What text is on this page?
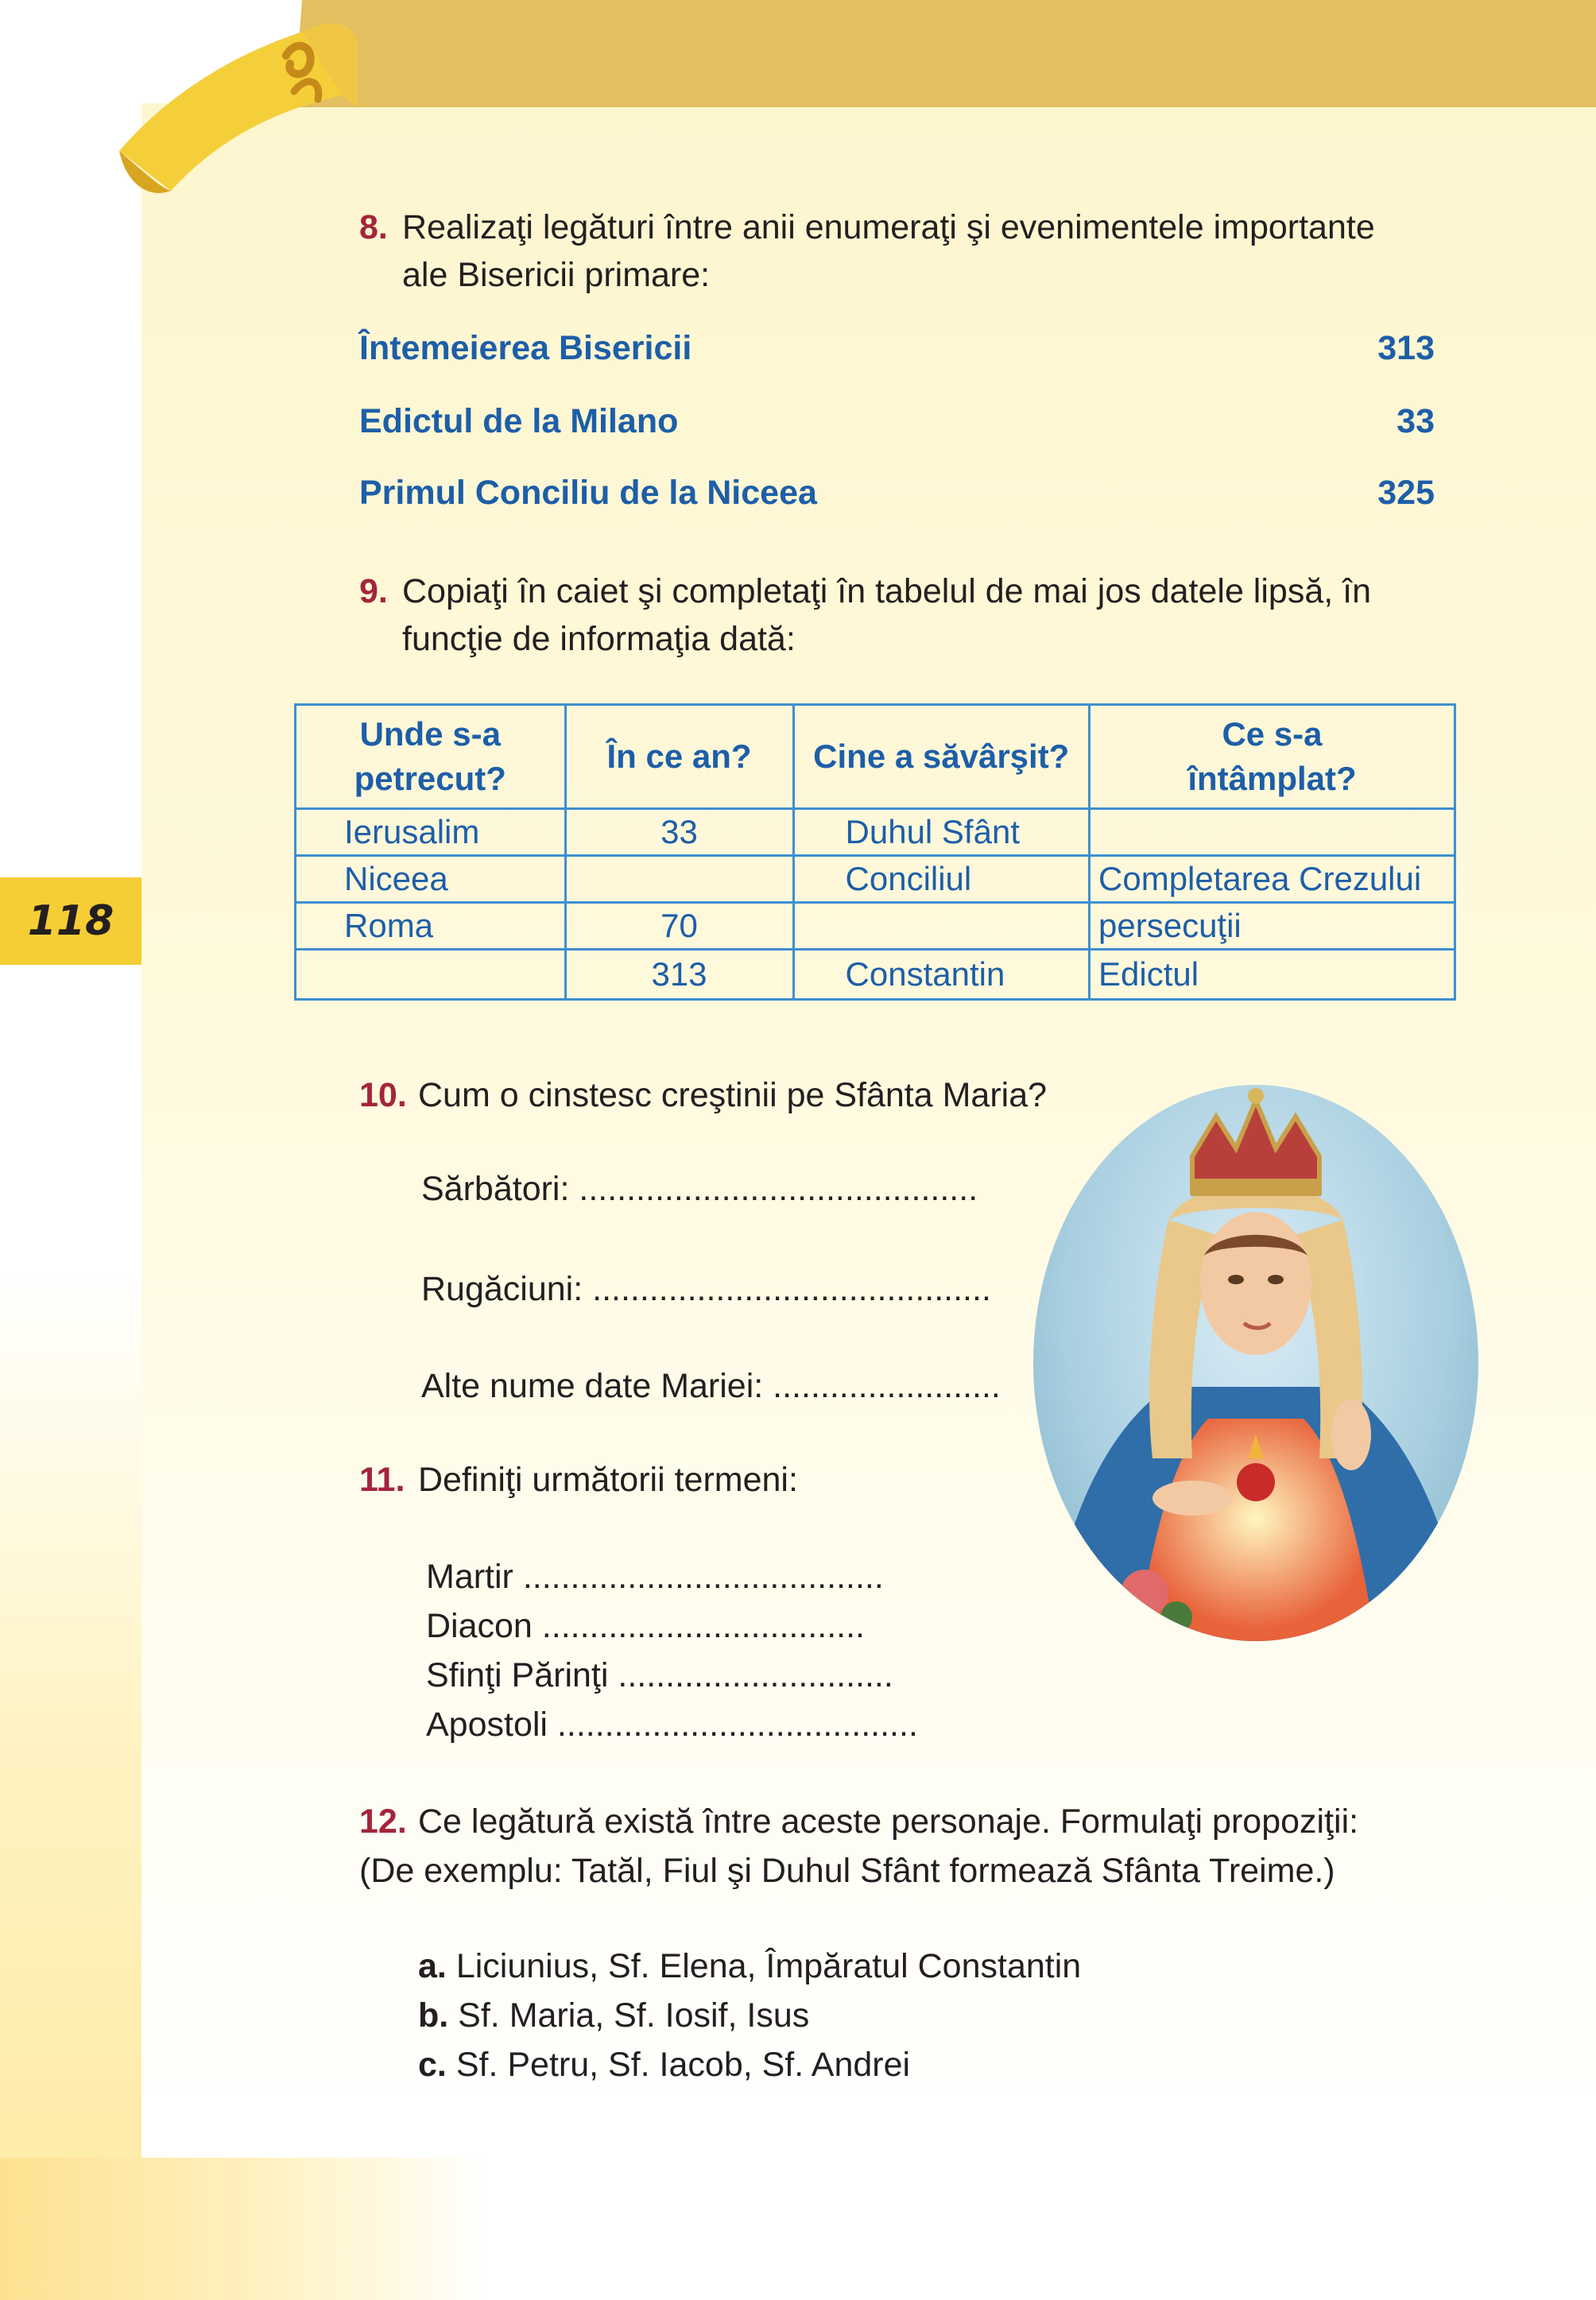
118
8. Realizaţi legături între anii enumeraţi şi evenimentele importante
ale Bisericii primare:
Întemeierea Bisericii	313
Edictul de la Milano	33
Primul Conciliu de la Niceea	325
9. Copiaţi în caiet şi completaţi în tabelul de mai jos datele lipsă, în
funcţie de informaţia dată:
Unde s-a
petrecut?	În ce an?	Cine a săvârşit?	Ce s-a
întâmplat?
Ierusalim	33	Duhul Sfânt	
Niceea		Conciliul	Completarea Crezului
Roma	70		persecuţii
	313	Constantin	Edictul
10. Cum o cinstesc creştinii pe Sfânta Maria?
Sărbători: ..........................................
Rugăciuni: ..........................................
Alte nume date Mariei: ........................
11. Definiţi următorii termeni:
Martir ......................................
Diacon ..................................
Sfinţi Părinţi .............................
Apostoli ......................................
12. Ce legătură există între aceste personaje. Formulaţi propoziţii:
(De exemplu: Tatăl, Fiul şi Duhul Sfânt formează Sfânta Treime.)
a. Liciunius, Sf. Elena, Împăratul Constantin
b. Sf. Maria, Sf. Iosif, Isus
c. Sf. Petru, Sf. Iacob, Sf. Andrei
